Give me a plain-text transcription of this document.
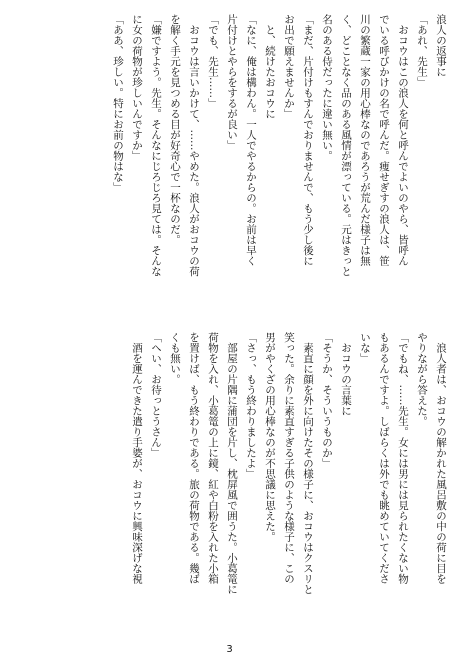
浪人の返事に
「あれ、先生」
　おコウはこの浪人を何と呼んでよいのやら、皆呼ん
でいる呼びかけの名で呼んだ。痩せぎすの浪人は、笹
川の繁蔵一家の用心棒なのであろうが荒んだ様子は無
く、どことなく品のある風情が漂っている。元はきっと
名のある侍だったに違い無い。
「まだ、片付けもすんでおりませんで、もう少し後に
お出で願えませんか」
　と、続けたおコウに
「なに、俺は構わん。一人でやるからの。お前は早く
片付けとやらをするが良い」
「でも、先生……」
　おコウは言いかけて、……やめた。浪人がおコウの荷
を解く手元を見つめる目が好奇心で一杯なのだ。
「嫌ですよう。先生。そんなにじろじろ見ては。そんな
に女の荷物が珍しいんですか」
「ああ、珍しい。特にお前の物はな」
　浪人者は、おコウの解かれた風呂敷の中の荷に目を
やりながら答えた。
「でもね、……先生。女には男には見られたくない物
もあるんですよ。しばらくは外でも眺めていてくださ
いな」
　おコウの言葉に
「そうか、そういうものか」
　素直に顔を外に向けたその様子に、おコウはクスリと
笑った。余りに素直すぎる子供のような様子に、この
男がやくざの用心棒なのが不思議に思えた。
「さっ、もう終わりましたよ」
　部屋の片隅に蒲団を片し、枕屏風で囲うた。小葛篭に
荷物を入れ、小葛篭の上に鏡、紅や白粉を入れた小箱
を置けば、もう終わりである。旅の荷物である。幾ば
くも無い。
「へい、お待っとうさん」
　酒を運んできた遣り手婆が、おコウに興味深げな視
3
